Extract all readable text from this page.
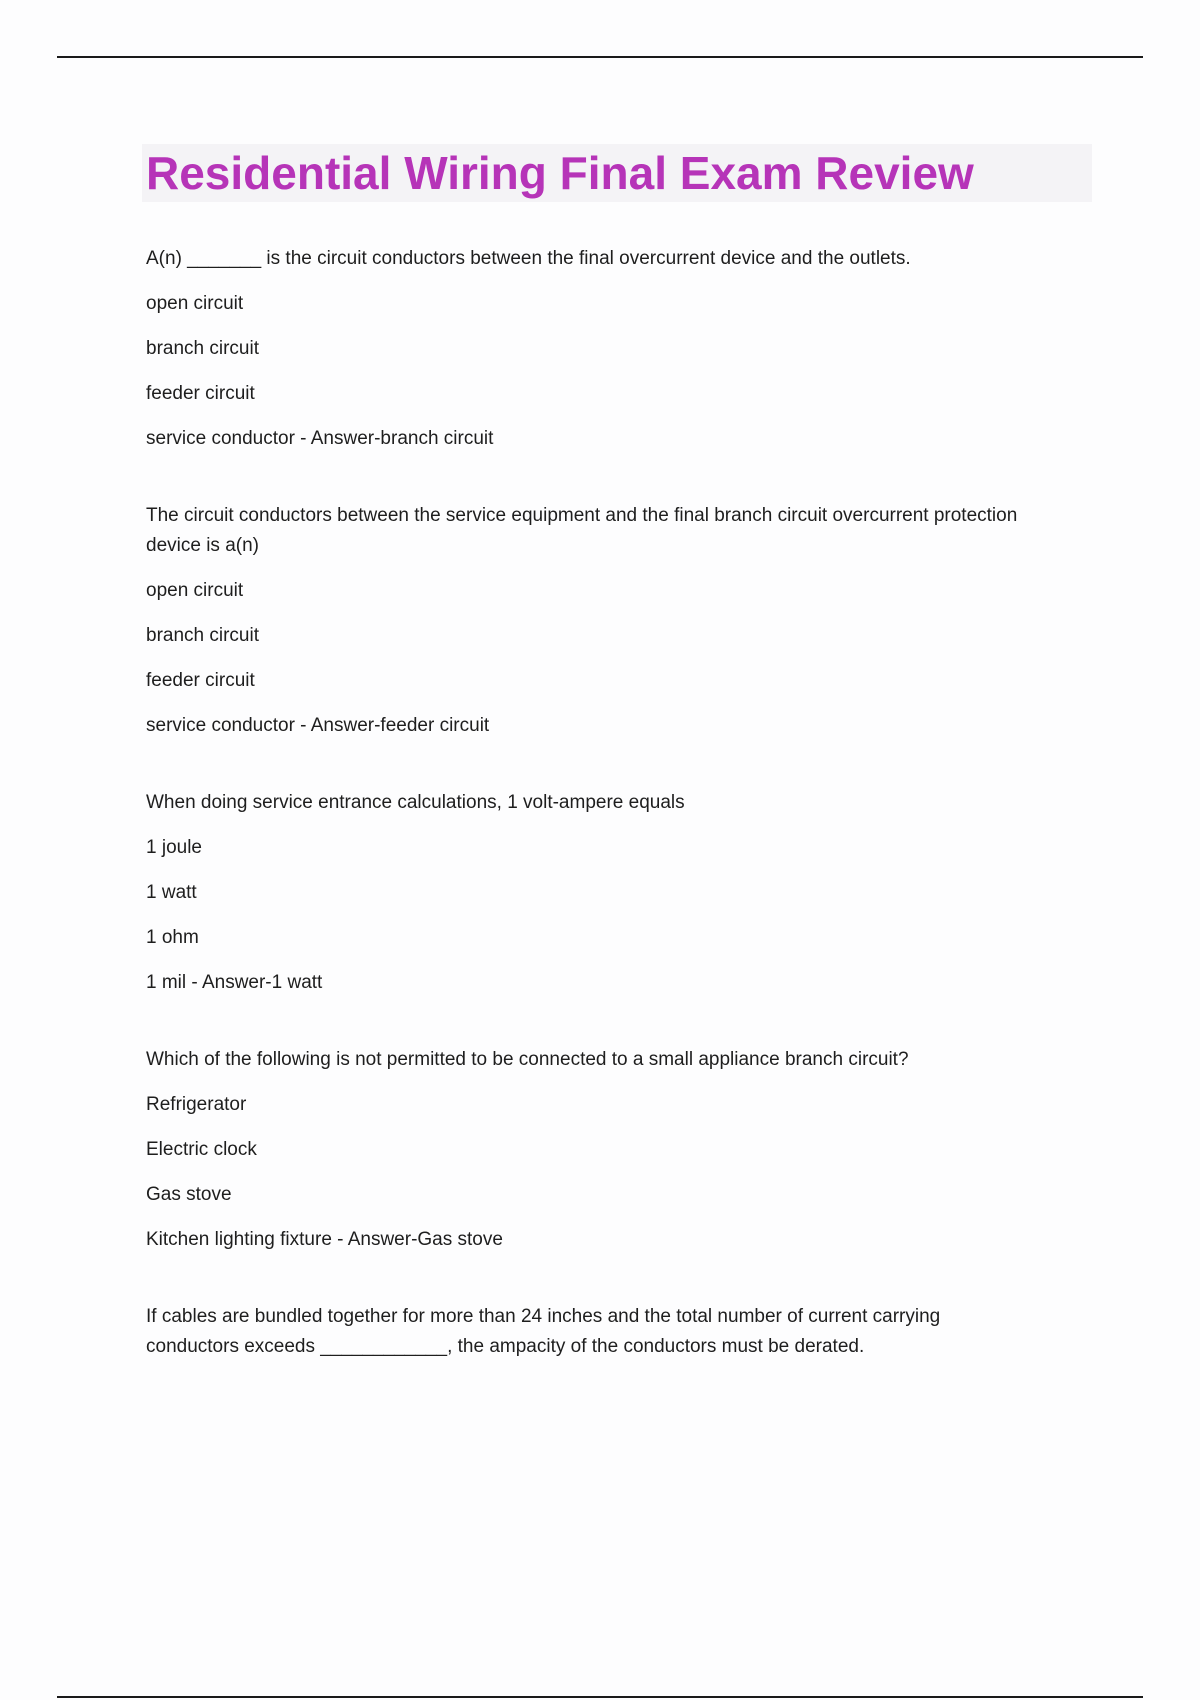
Residential Wiring Final Exam Review

A(n) _______ is the circuit conductors between the final overcurrent device and the outlets.

open circuit

branch circuit

feeder circuit

service conductor - Answer-branch circuit

The circuit conductors between the service equipment and the final branch circuit overcurrent protection device is a(n)

open circuit

branch circuit

feeder circuit

service conductor - Answer-feeder circuit

When doing service entrance calculations, 1 volt-ampere equals

1 joule

1 watt

1 ohm

1 mil - Answer-1 watt

Which of the following is not permitted to be connected to a small appliance branch circuit?

Refrigerator

Electric clock

Gas stove

Kitchen lighting fixture - Answer-Gas stove

If cables are bundled together for more than 24 inches and the total number of current carrying conductors exceeds ____________, the ampacity of the conductors must be derated.
